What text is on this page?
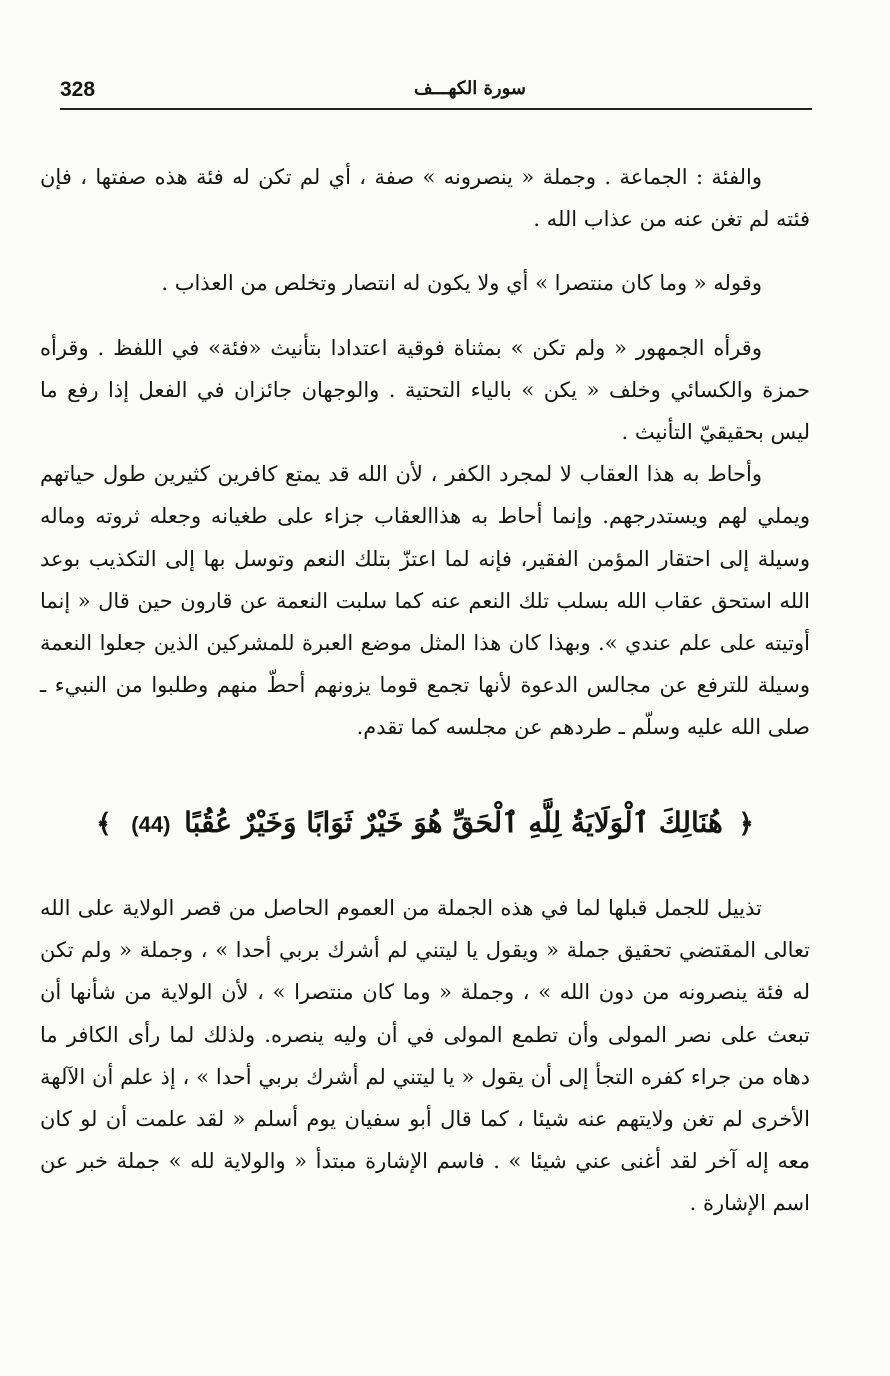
328	سورة الكهـــف

والفئة : الجماعة . وجملة « ينصرونه » صفة ، أي لم تكن له فئة هذه صفتها ، فإن فئته لم تغن عنه من عذاب الله .

وقوله « وما كان منتصرا » أي ولا يكون له انتصار وتخلص من العذاب .

وقرأه الجمهور « ولم تكن » بمثناة فوقية اعتدادا بتأنيث «فئة» في اللفظ . وقرأه حمزة والكسائي وخلف « يكن » بالياء التحتية . والوجهان جائزان في الفعل إذا رفع ما ليس بحقيقيّ التأنيث .

وأحاط به هذا العقاب لا لمجرد الكفر ، لأن الله قد يمتع كافرين كثيرين طول حياتهم ويملي لهم ويستدرجهم. وإنما أحاط به هذاالعقاب جزاء على طغيانه وجعله ثروته وماله وسيلة إلى احتقار المؤمن الفقير، فإنه لما اعتزّ بتلك النعم وتوسل بها إلى التكذيب بوعد الله استحق عقاب الله بسلب تلك النعم عنه كما سلبت النعمة عن قارون حين قال « إنما أوتيته على علم عندي ». وبهذا كان هذا المثل موضع العبرة للمشركين الذين جعلوا النعمة وسيلة للترفع عن مجالس الدعوة لأنها تجمع قوما يزونهم أحطّ منهم وطلبوا من النبيء ـ صلى الله عليه وسلّم ـ طردهم عن مجلسه كما تقدم.

﴿ هُنَالِكَ ٱلْوَلَايَةُ لِلَّهِ ٱلْحَقِّ هُوَ خَيْرٌ ثَوَابًا وَخَيْرٌ عُقُبًا (44) ﴾

تذييل للجمل قبلها لما في هذه الجملة من العموم الحاصل من قصر الولاية على الله تعالى المقتضي تحقيق جملة « ويقول يا ليتني لم أشرك بربي أحدا » ، وجملة « ولم تكن له فئة ينصرونه من دون الله » ، وجملة « وما كان منتصرا » ، لأن الولاية من شأنها أن تبعث على نصر المولى وأن تطمع المولى في أن وليه ينصره. ولذلك لما رأى الكافر ما دهاه من جراء كفره التجأ إلى أن يقول « يا ليتني لم أشرك بربي أحدا » ، إذ علم أن الآلهة الأخرى لم تغن ولايتهم عنه شيئا ، كما قال أبو سفيان يوم أسلم « لقد علمت أن لو كان معه إله آخر لقد أغنى عني شيئا » . فاسم الإشارة مبتدأ « والولاية لله » جملة خبر عن اسم الإشارة .
